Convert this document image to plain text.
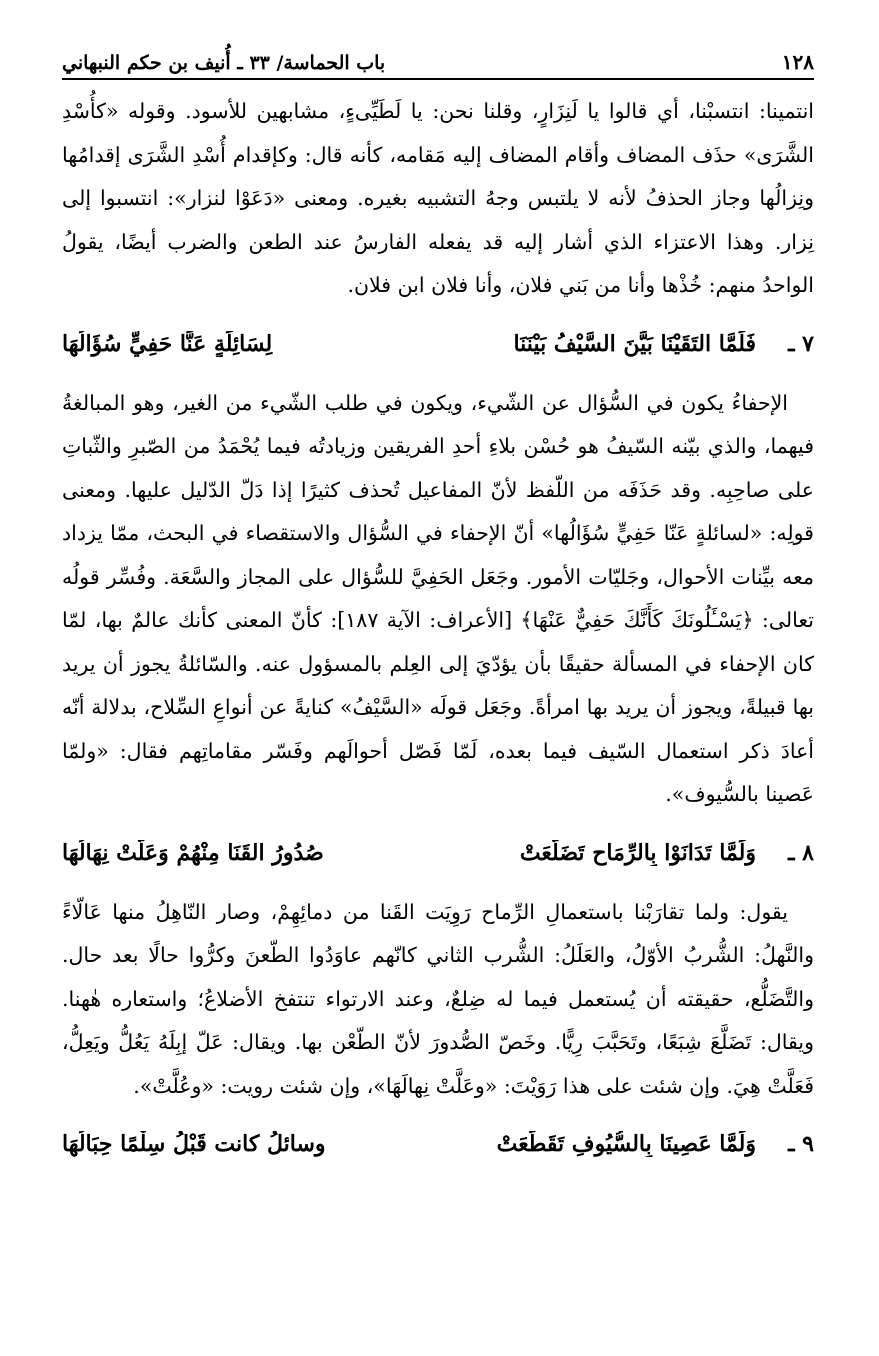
١٢٨
باب الحماسة/ ٣٣ ـ أُنيف بن حكم النبهاني

انتمينا: انتسبْنا، أي قالوا يا لَنِزَارٍ، وقلنا نحن: يا لَطَيِّىءٍ، مشابهين للأسود. وقوله «كأُسْدِ الشَّرَى» حذَف المضاف وأقام المضاف إليه مَقامه، كأنه قال: وكإقدام أُسْدِ الشَّرَى إقدامُها ونِزالُها وجاز الحذفُ لأنه لا يلتبس وجهُ التشبيه بغيره. ومعنى «دَعَوْا لنزار»: انتسبوا إلى نِزار. وهذا الاعتزاء الذي أشار إليه قد يفعله الفارسُ عند الطعن والضرب أيضًا، يقولُ الواحدُ منهم: خُذْها وأنا من بَني فلان، وأنا فلان ابن فلان.

٧ ـ
فَلَمَّا التَقَيْنَا بَيَّنَ السَّيْفُ بَيْنَنَا
لِسَائِلَةٍ عَنَّا حَفِيٍّ سُؤَالُهَا

الإحفاءُ يكون في السُّؤال عن الشّيء، ويكون في طلب الشّيء من الغير، وهو المبالغةُ فيهما، والذي بيّنه السّيفُ هو حُسْن بلاءِ أحدِ الفريقين وزيادتُه فيما يُحْمَدُ من الصّبرِ والثّباتِ على صاحِبِه. وقد حَذَفَه من اللّفظ لأنّ المفاعيل تُحذف كثيرًا إذا دَلّ الدّليل عليها. ومعنى قولِه: «لسائلةٍ عَنّا حَفِيٍّ سُؤَالُها» أنّ الإحفاء في السُّؤال والاستقصاء في البحث، ممّا يزداد معه بيِّنات الأحوال، وجَليّات الأمور. وجَعَل الحَفِيَّ للسُّؤال على المجاز والسَّعَة. وفُسِّر قولُه تعالى: ﴿يَسْـَٔلُونَكَ كَأَنَّكَ حَفِيٌّ عَنْهَا﴾ [الأعراف: الآية ١٨٧]: كأنّ المعنى كأنك عالمٌ بها، لمّا كان الإحفاء في المسألة حقيقًا بأن يؤدّيَ إلى العِلم بالمسؤول عنه. والسّائلةُ يجوز أن يريد بها قبيلةً، ويجوز أن يريد بها امرأةً. وجَعَل قولَه «السَّيْفُ» كنايةً عن أنواعِ السِّلاح، بدلالة أنّه أعادَ ذكر استعمال السّيف فيما بعده، لَمّا فَصّل أحوالَهم وفَسّر مقاماتِهم فقال: «ولمّا عَصينا بالسُّيوف».

٨ ـ
وَلَمَّا تَدَانَوْا بِالرِّمَاحِ تَضَلَّعَتْ
صُدُورُ القَنَا مِنْهُمْ وَعَلَّتْ نِهَالُهَا

يقول: ولما تقارَبْنا باستعمالِ الرِّماح رَوِيَت القَنا من دمائِهِمْ، وصار النّاهِلُ منها عَالّاءً والنَّهلُ: الشُّربُ الأوّلُ، والعَلَلُ: الشُّرب الثاني كانّهم عاوَدُوا الطّعنَ وكرُّوا حالًا بعد حال. والتَّضَلُّع، حقيقته أن يُستعمل فيما له ضِلعٌ، وعند الارتواء تنتفخ الأضلاعُ؛ واستعاره هٰهنا. ويقال: تَضَلَّعَ شِبَعًا، وتَحَبَّبَ رِيًّا. وخَصّ الصُّدورَ لأنّ الطّعْن بها. ويقال: عَلّ إبِلَهُ يَعُلُّ ويَعِلُّ، فَعَلَّتْ هِيَ. وإن شئت على هذا رَوَيْتَ: «وعَلَّتْ نِهالَهَا»، وإن شئت رويت: «وعُلَّتْ».

٩ ـ
وَلَمَّا عَصِينَا بِالسُّيُوفِ تَقَطَّعَتْ
وسائلُ كانت قَبْلُ سِلْمًا حِبَالُهَا
